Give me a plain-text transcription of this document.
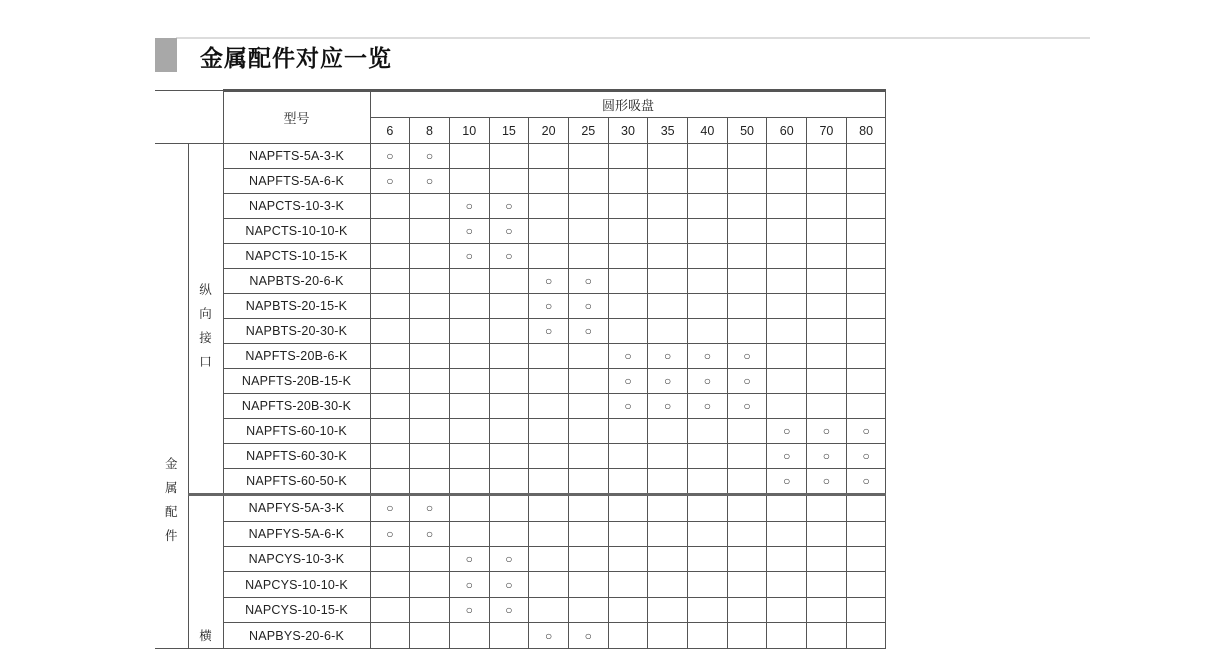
金属配件对应一览
		型号	圆形吸盘												
			6	8	10	15	20	25	30	35	40	50	60	70	80

金
属
配
件	纵
向
接
口	NAPFTS-5A-3-K	○	○											
		NAPFTS-5A-6-K	○	○											
		NAPCTS-10-3-K			○	○									
		NAPCTS-10-10-K			○	○									
		NAPCTS-10-15-K			○	○									
		NAPBTS-20-6-K					○	○							
		NAPBTS-20-15-K					○	○							
		NAPBTS-20-30-K					○	○							
		NAPFTS-20B-6-K							○	○	○	○			
		NAPFTS-20B-15-K							○	○	○	○			
		NAPFTS-20B-30-K							○	○	○	○			
		NAPFTS-60-10-K											○	○	○
		NAPFTS-60-30-K											○	○	○
		NAPFTS-60-50-K											○	○	○

	横	NAPFYS-5A-3-K	○	○											
		NAPFYS-5A-6-K	○	○											
		NAPCYS-10-3-K			○	○									
		NAPCYS-10-10-K			○	○									
		NAPCYS-10-15-K			○	○									
		NAPBYS-20-6-K					○	○							
